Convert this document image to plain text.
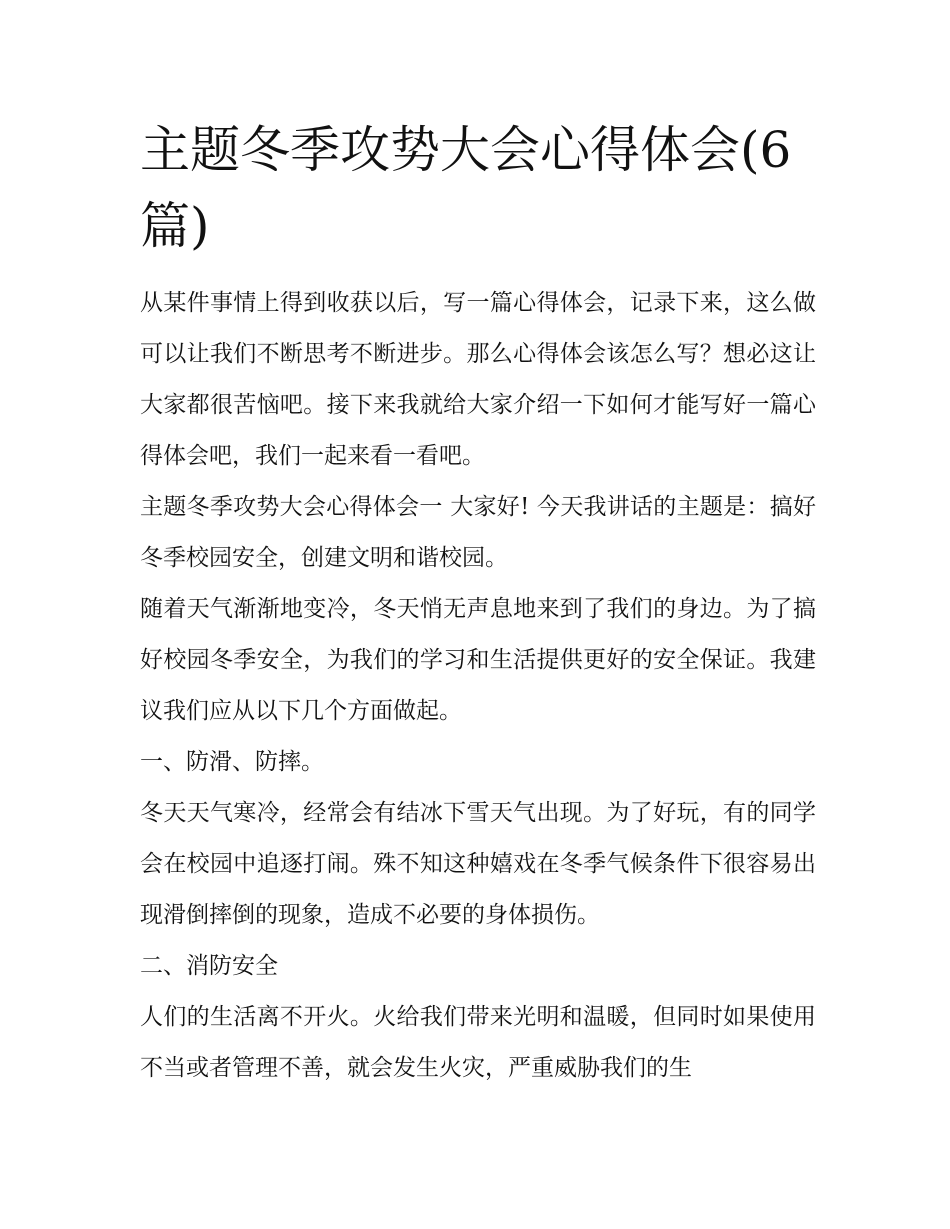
主题冬季攻势大会心得体会(6篇)

从某件事情上得到收获以后，写一篇心得体会，记录下来，这么做可以让我们不断思考不断进步。那么心得体会该怎么写？想必这让大家都很苦恼吧。接下来我就给大家介绍一下如何才能写好一篇心得体会吧，我们一起来看一看吧。

主题冬季攻势大会心得体会一 大家好! 今天我讲话的主题是：搞好冬季校园安全，创建文明和谐校园。

随着天气渐渐地变冷，冬天悄无声息地来到了我们的身边。为了搞好校园冬季安全，为我们的学习和生活提供更好的安全保证。我建议我们应从以下几个方面做起。

一、防滑、防摔。

冬天天气寒冷，经常会有结冰下雪天气出现。为了好玩，有的同学会在校园中追逐打闹。殊不知这种嬉戏在冬季气候条件下很容易出现滑倒摔倒的现象，造成不必要的身体损伤。

二、消防安全

人们的生活离不开火。火给我们带来光明和温暖，但同时如果使用不当或者管理不善，就会发生火灾，严重威胁我们的生
